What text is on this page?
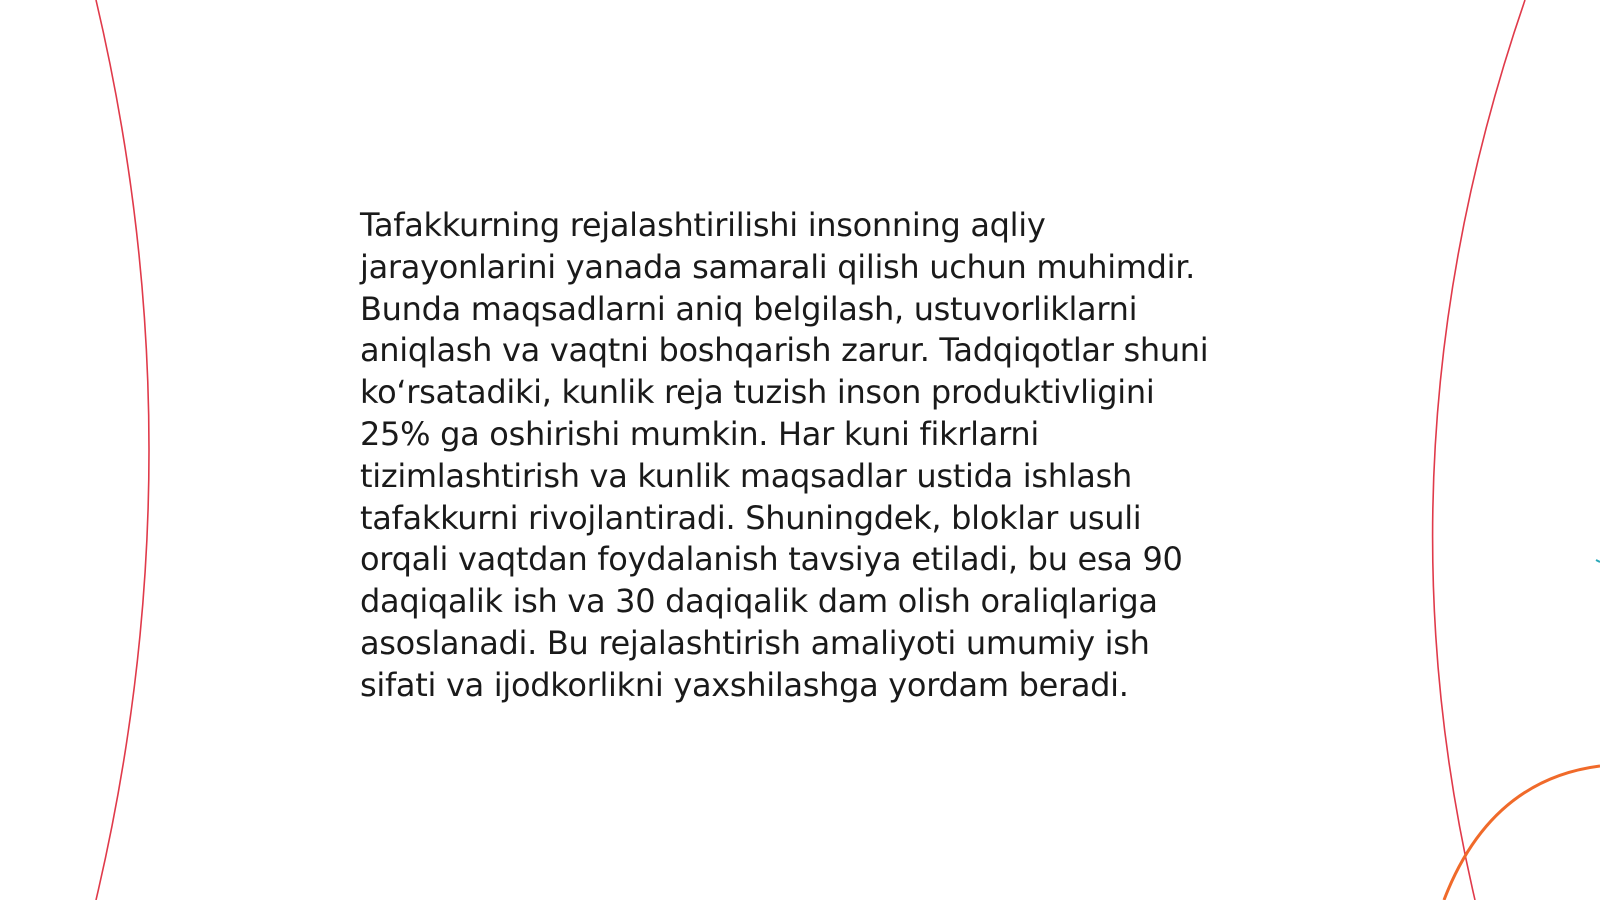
Tafakkurning rejalashtirilishi insonning aqliy
jarayonlarini yanada samarali qilish uchun muhimdir.
Bunda maqsadlarni aniq belgilash, ustuvorliklarni
aniqlash va vaqtni boshqarish zarur. Tadqiqotlar shuni
ko‘rsatadiki, kunlik reja tuzish inson produktivligini
25% ga oshirishi mumkin. Har kuni fikrlarni
tizimlashtirish va kunlik maqsadlar ustida ishlash
tafakkurni rivojlantiradi. Shuningdek, bloklar usuli
orqali vaqtdan foydalanish tavsiya etiladi, bu esa 90
daqiqalik ish va 30 daqiqalik dam olish oraliqlariga
asoslanadi. Bu rejalashtirish amaliyoti umumiy ish
sifati va ijodkorlikni yaxshilashga yordam beradi.
